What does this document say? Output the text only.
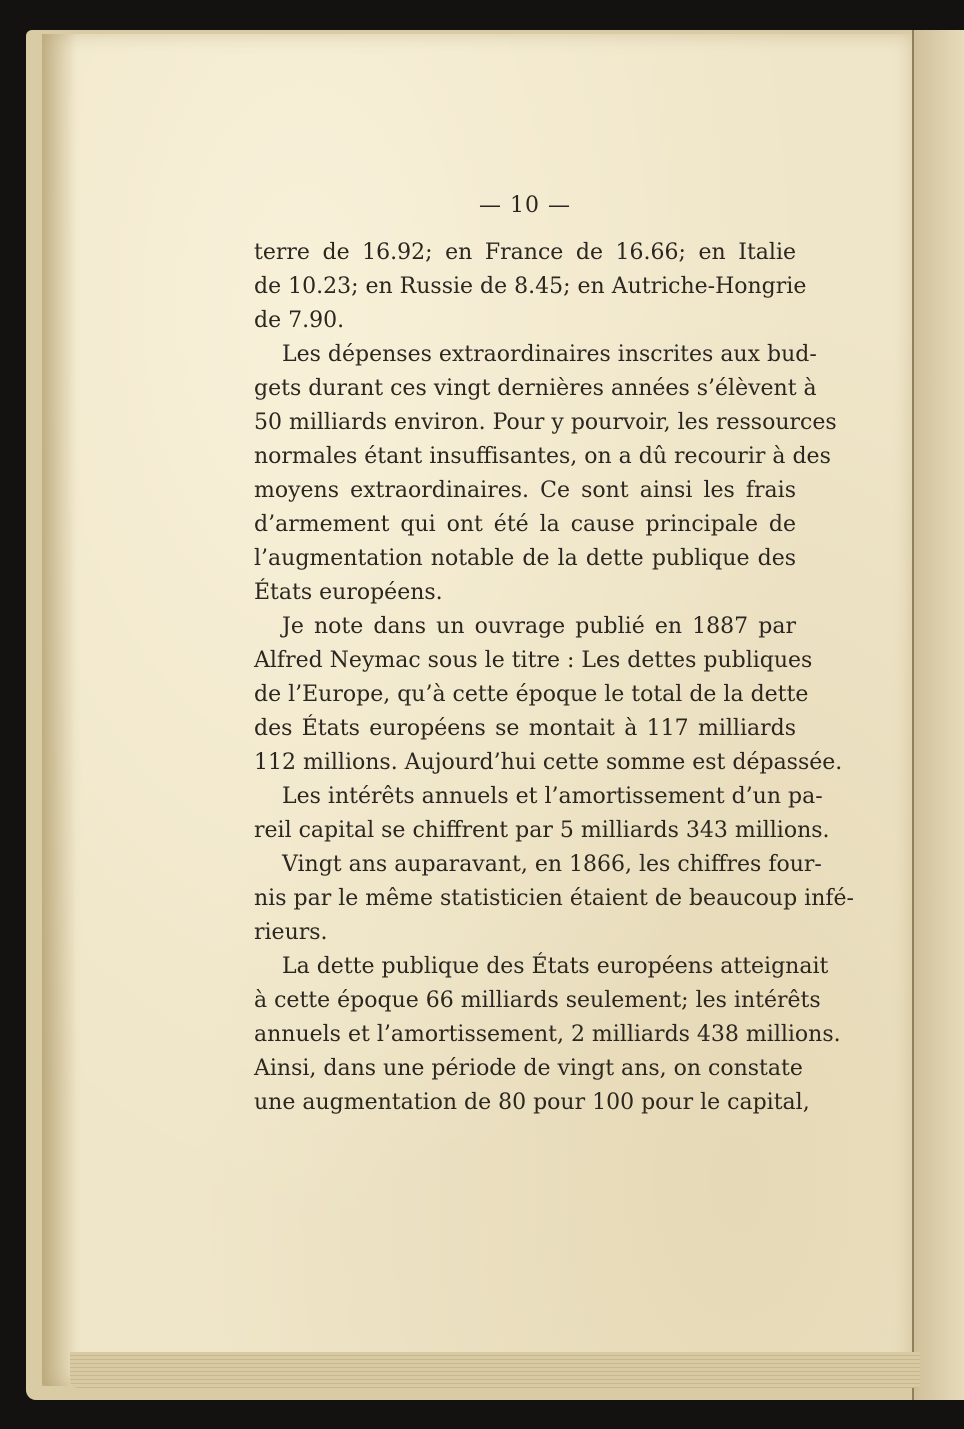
— 10 —
terre de 16.92; en France de 16.66; en Italie
de 10.23; en Russie de 8.45; en Autriche-Hongrie
de 7.90.
Les dépenses extraordinaires inscrites aux bud-
gets durant ces vingt dernières années s’élèvent à
50 milliards environ. Pour y pourvoir, les ressources
normales étant insuffisantes, on a dû recourir à des
moyens extraordinaires. Ce sont ainsi les frais
d’armement qui ont été la cause principale de
l’augmentation notable de la dette publique des
États européens.
Je note dans un ouvrage publié en 1887 par
Alfred Neymac sous le titre : Les dettes publiques
de l’Europe, qu’à cette époque le total de la dette
des États européens se montait à 117 milliards
112 millions. Aujourd’hui cette somme est dépassée.
Les intérêts annuels et l’amortissement d’un pa-
reil capital se chiffrent par 5 milliards 343 millions.
Vingt ans auparavant, en 1866, les chiffres four-
nis par le même statisticien étaient de beaucoup infé-
rieurs.
La dette publique des États européens atteignait
à cette époque 66 milliards seulement; les intérêts
annuels et l’amortissement, 2 milliards 438 millions.
Ainsi, dans une période de vingt ans, on constate
une augmentation de 80 pour 100 pour le capital,
